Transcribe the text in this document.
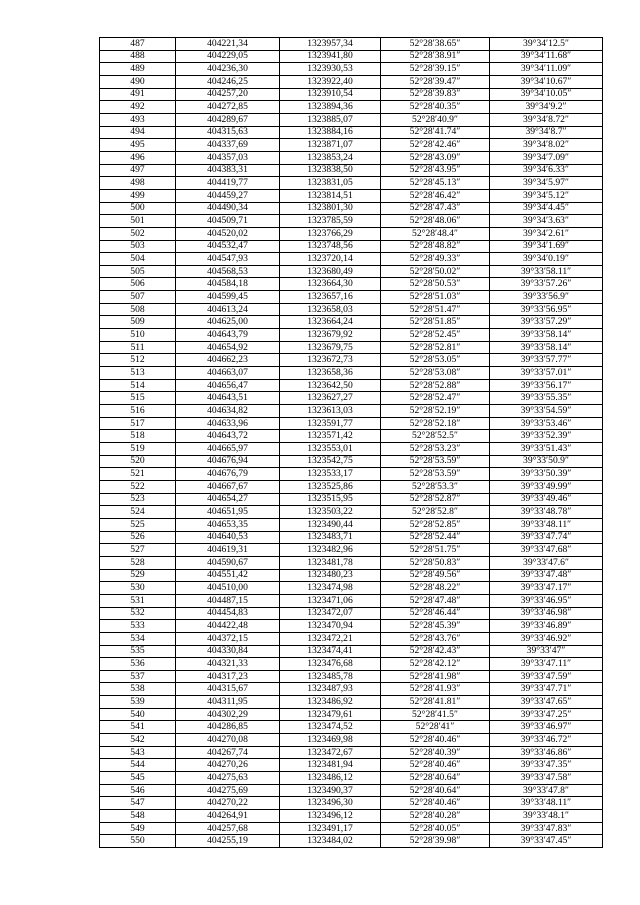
487	404221,34	1323957,34	52°28′38.65″	39°34′12.5″
488	404229,05	1323941,80	52°28′38.91″	39°34′11.68″
489	404236,30	1323930,53	52°28′39.15″	39°34′11.09″
490	404246,25	1323922,40	52°28′39.47″	39°34′10.67″
491	404257,20	1323910,54	52°28′39.83″	39°34′10.05″
492	404272,85	1323894,36	52°28′40.35″	39°34′9.2″
493	404289,67	1323885,07	52°28′40.9″	39°34′8.72″
494	404315,63	1323884,16	52°28′41.74″	39°34′8.7″
495	404337,69	1323871,07	52°28′42.46″	39°34′8.02″
496	404357,03	1323853,24	52°28′43.09″	39°34′7.09″
497	404383,31	1323838,50	52°28′43.95″	39°34′6.33″
498	404419,77	1323831,05	52°28′45.13″	39°34′5.97″
499	404459,27	1323814,51	52°28′46.42″	39°34′5.12″
500	404490,34	1323801,30	52°28′47.43″	39°34′4.45″
501	404509,71	1323785,59	52°28′48.06″	39°34′3.63″
502	404520,02	1323766,29	52°28′48.4″	39°34′2.61″
503	404532,47	1323748,56	52°28′48.82″	39°34′1.69″
504	404547,93	1323720,14	52°28′49.33″	39°34′0.19″
505	404568,53	1323680,49	52°28′50.02″	39°33′58.11″
506	404584,18	1323664,30	52°28′50.53″	39°33′57.26″
507	404599,45	1323657,16	52°28′51.03″	39°33′56.9″
508	404613,24	1323658,03	52°28′51.47″	39°33′56.95″
509	404625,00	1323664,24	52°28′51.85″	39°33′57.29″
510	404643,79	1323679,92	52°28′52.45″	39°33′58.14″
511	404654,92	1323679,75	52°28′52.81″	39°33′58.14″
512	404662,23	1323672,73	52°28′53.05″	39°33′57.77″
513	404663,07	1323658,36	52°28′53.08″	39°33′57.01″
514	404656,47	1323642,50	52°28′52.88″	39°33′56.17″
515	404643,51	1323627,27	52°28′52.47″	39°33′55.35″
516	404634,82	1323613,03	52°28′52.19″	39°33′54.59″
517	404633,96	1323591,77	52°28′52.18″	39°33′53.46″
518	404643,72	1323571,42	52°28′52.5″	39°33′52.39″
519	404665,97	1323553,01	52°28′53.23″	39°33′51.43″
520	404676,94	1323542,75	52°28′53.59″	39°33′50.9″
521	404676,79	1323533,17	52°28′53.59″	39°33′50.39″
522	404667,67	1323525,86	52°28′53.3″	39°33′49.99″
523	404654,27	1323515,95	52°28′52.87″	39°33′49.46″
524	404651,95	1323503,22	52°28′52.8″	39°33′48.78″
525	404653,35	1323490,44	52°28′52.85″	39°33′48.11″
526	404640,53	1323483,71	52°28′52.44″	39°33′47.74″
527	404619,31	1323482,96	52°28′51.75″	39°33′47.68″
528	404590,67	1323481,78	52°28′50.83″	39°33′47.6″
529	404551,42	1323480,23	52°28′49.56″	39°33′47.48″
530	404510,00	1323474,98	52°28′48.22″	39°33′47.17″
531	404487,15	1323471,06	52°28′47.48″	39°33′46.95″
532	404454,83	1323472,07	52°28′46.44″	39°33′46.98″
533	404422,48	1323470,94	52°28′45.39″	39°33′46.89″
534	404372,15	1323472,21	52°28′43.76″	39°33′46.92″
535	404330,84	1323474,41	52°28′42.43″	39°33′47″
536	404321,33	1323476,68	52°28′42.12″	39°33′47.11″
537	404317,23	1323485,78	52°28′41.98″	39°33′47.59″
538	404315,67	1323487,93	52°28′41.93″	39°33′47.71″
539	404311,95	1323486,92	52°28′41.81″	39°33′47.65″
540	404302,29	1323479,61	52°28′41.5″	39°33′47.25″
541	404286,85	1323474,52	52°28′41″	39°33′46.97″
542	404270,08	1323469,98	52°28′40.46″	39°33′46.72″
543	404267,74	1323472,67	52°28′40.39″	39°33′46.86″
544	404270,26	1323481,94	52°28′40.46″	39°33′47.35″
545	404275,63	1323486,12	52°28′40.64″	39°33′47.58″
546	404275,69	1323490,37	52°28′40.64″	39°33′47.8″
547	404270,22	1323496,30	52°28′40.46″	39°33′48.11″
548	404264,91	1323496,12	52°28′40.28″	39°33′48.1″
549	404257,68	1323491,17	52°28′40.05″	39°33′47.83″
550	404255,19	1323484,02	52°28′39.98″	39°33′47.45″
